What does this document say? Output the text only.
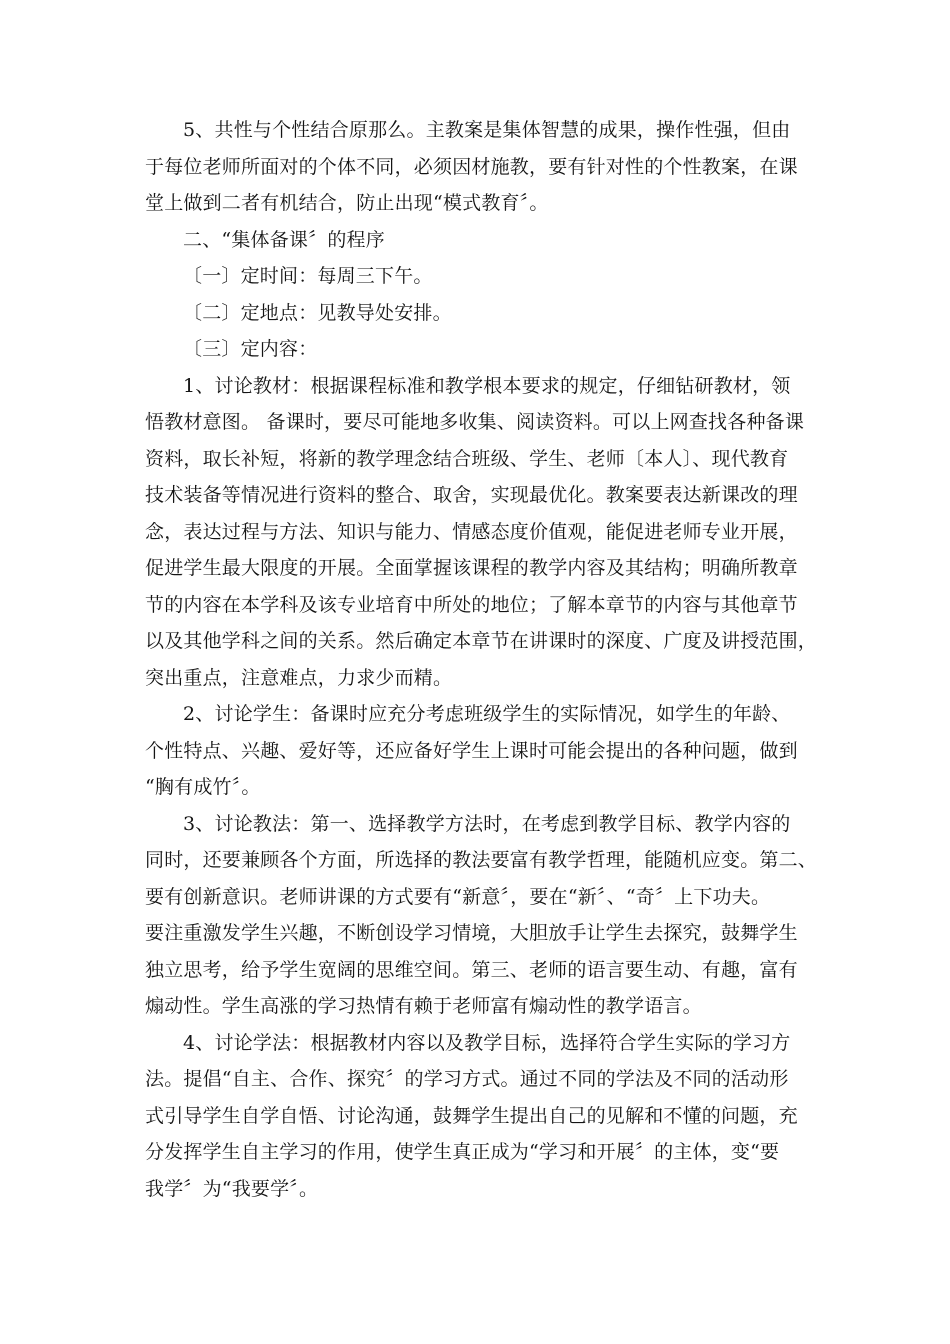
5、共性与个性结合原那么。主教案是集体智慧的成果，操作性强，但由
于每位老师所面对的个体不同，必须因材施教，要有针对性的个性教案，在课
堂上做到二者有机结合，防止出现“模式教育〞。

二、“集体备课〞的程序

〔一〕定时间：每周三下午。

〔二〕定地点：见教导处安排。

〔三〕定内容：

1、讨论教材：根据课程标准和教学根本要求的规定，仔细钻研教材，领
悟教材意图。 备课时，要尽可能地多收集、阅读资料。可以上网查找各种备课
资料，取长补短，将新的教学理念结合班级、学生、老师〔本人〕、现代教育
技术装备等情况进行资料的整合、取舍，实现最优化。教案要表达新课改的理
念，表达过程与方法、知识与能力、情感态度价值观，能促进老师专业开展，
促进学生最大限度的开展。全面掌握该课程的教学内容及其结构；明确所教章
节的内容在本学科及该专业培育中所处的地位；了解本章节的内容与其他章节
以及其他学科之间的关系。然后确定本章节在讲课时的深度、广度及讲授范围，
突出重点，注意难点，力求少而精。

2、讨论学生：备课时应充分考虑班级学生的实际情况，如学生的年龄、
个性特点、兴趣、爱好等，还应备好学生上课时可能会提出的各种问题，做到
“胸有成竹〞。

3、讨论教法：第一、选择教学方法时，在考虑到教学目标、教学内容的
同时，还要兼顾各个方面，所选择的教法要富有教学哲理，能随机应变。第二、
要有创新意识。老师讲课的方式要有“新意〞，要在“新〞、“奇〞上下功夫。
要注重激发学生兴趣，不断创设学习情境，大胆放手让学生去探究，鼓舞学生
独立思考，给予学生宽阔的思维空间。第三、老师的语言要生动、有趣，富有
煽动性。学生高涨的学习热情有赖于老师富有煽动性的教学语言。

4、讨论学法：根据教材内容以及教学目标，选择符合学生实际的学习方
法。提倡“自主、合作、探究〞的学习方式。通过不同的学法及不同的活动形
式引导学生自学自悟、讨论沟通，鼓舞学生提出自己的见解和不懂的问题，充
分发挥学生自主学习的作用，使学生真正成为“学习和开展〞的主体，变“要
我学〞为“我要学〞。
